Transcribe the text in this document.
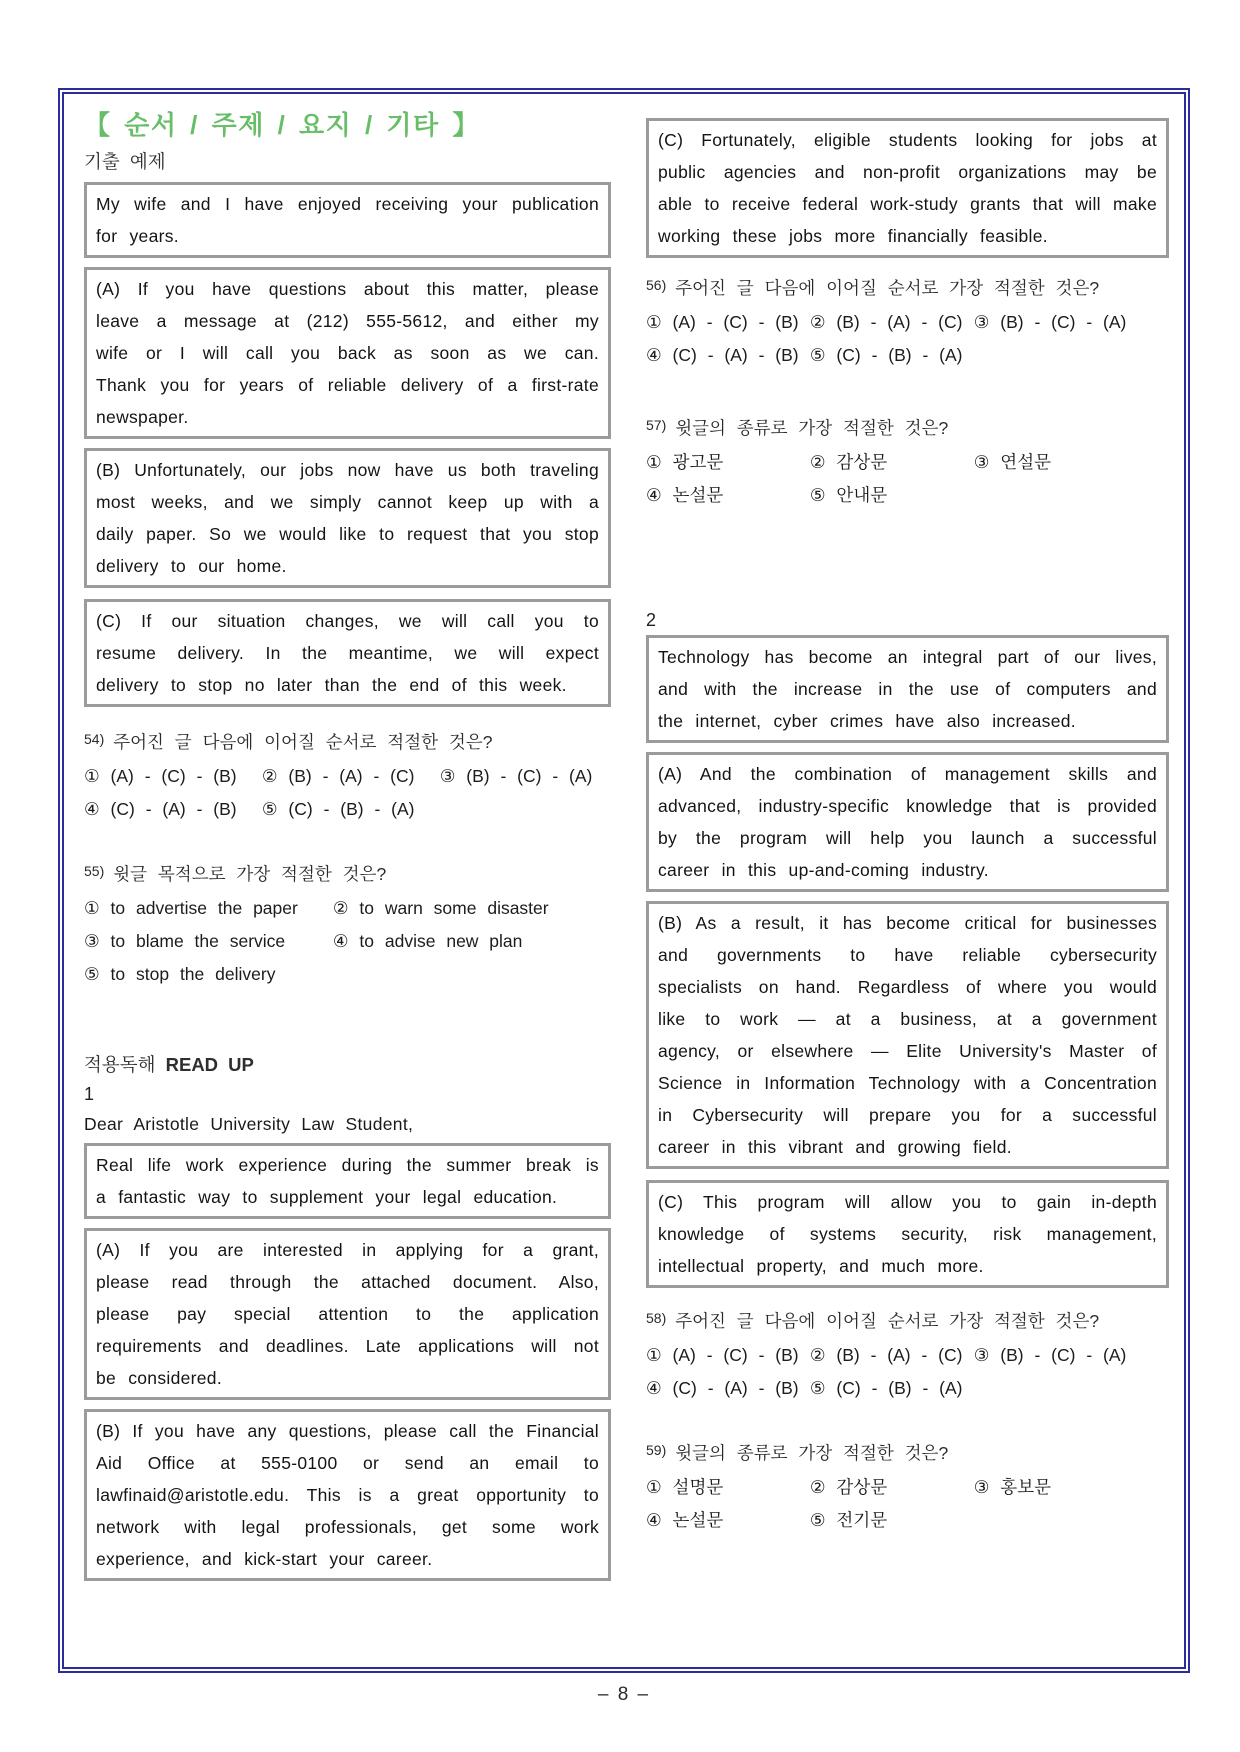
【 순서 / 주제 / 요지 / 기타 】
기출 예제
My wife and I have enjoyed receiving your publication for years.
(A) If you have questions about this matter, please leave a message at (212) 555-5612, and either my wife or I will call you back as soon as we can. Thank you for years of reliable delivery of a first-rate newspaper.
(B) Unfortunately, our jobs now have us both traveling most weeks, and we simply cannot keep up with a daily paper. So we would like to request that you stop delivery to our home.
(C) If our situation changes, we will call you to resume delivery. In the meantime, we will expect delivery to stop no later than the end of this week.
$^{54)}$ 주어진 글 다음에 이어질 순서로 적절한 것은?
① (A) - (C) - (B) ② (B) - (A) - (C) ③ (B) - (C) - (A)
④ (C) - (A) - (B) ⑤ (C) - (B) - (A)
$^{55)}$ 윗글 목적으로 가장 적절한 것은?
① to advertise the paper ② to warn some disaster
③ to blame the service	④ to advise new plan
⑤ to stop the delivery
적용독해 READ UP
1
Dear Aristotle University Law Student,
Real life work experience during the summer break is a fantastic way to supplement your legal education.
(A) If you are interested in applying for a grant, please read through the attached document. Also, please pay special attention to the application requirements and deadlines. Late applications will not be considered.
(B) If you have any questions, please call the Financial Aid Office at 555-0100 or send an email to lawfinaid@aristotle.edu. This is a great opportunity to network with legal professionals, get some work experience, and kick-start your career.
(C) Fortunately, eligible students looking for jobs at public agencies and non-profit organizations may be able to receive federal work-study grants that will make working these jobs more financially feasible.
$^{56)}$ 주어진 글 다음에 이어질 순서로 가장 적절한 것은?
① (A) - (C) - (B) ② (B) - (A) - (C) ③ (B) - (C) - (A)
④ (C) - (A) - (B) ⑤ (C) - (B) - (A)
$^{57)}$ 윗글의 종류로 가장 적절한 것은?
① 광고문	② 감상문	③ 연설문
④ 논설문	⑤ 안내문
2
Technology has become an integral part of our lives, and with the increase in the use of computers and the internet, cyber crimes have also increased.
(A) And the combination of management skills and advanced, industry-specific knowledge that is provided by the program will help you launch a successful career in this up-and-coming industry.
(B) As a result, it has become critical for businesses and governments to have reliable cybersecurity specialists on hand. Regardless of where you would like to work — at a business, at a government agency, or elsewhere — Elite University's Master of Science in Information Technology with a Concentration in Cybersecurity will prepare you for a successful career in this vibrant and growing field.
(C) This program will allow you to gain in-depth knowledge of systems security, risk management, intellectual property, and much more.
$^{58)}$ 주어진 글 다음에 이어질 순서로 가장 적절한 것은?
① (A) - (C) - (B) ② (B) - (A) - (C) ③ (B) - (C) - (A)
④ (C) - (A) - (B) ⑤ (C) - (B) - (A)
$^{59)}$ 윗글의 종류로 가장 적절한 것은?
① 설명문	② 감상문	③ 홍보문
④ 논설문	⑤ 전기문
– 8 –
